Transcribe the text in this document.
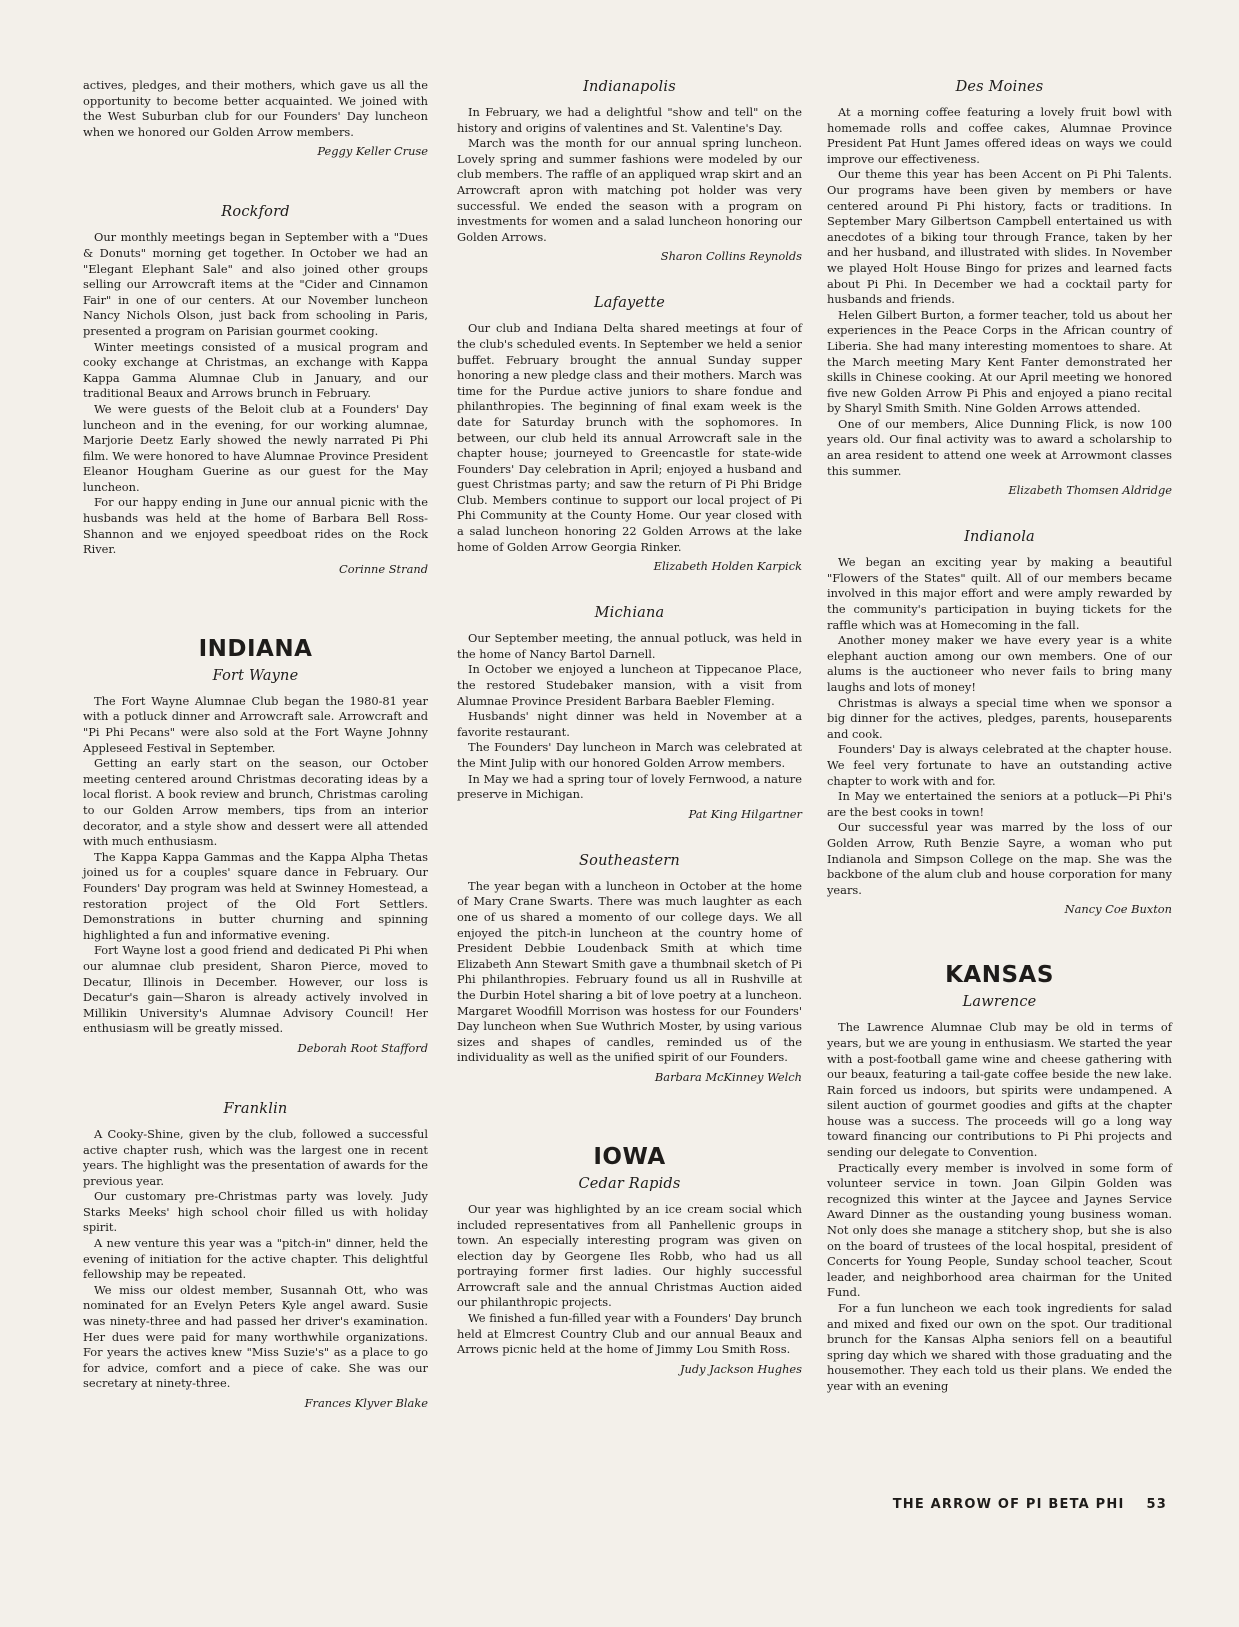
actives, pledges, and their mothers, which gave us all the opportunity to become better acquainted. We joined with the West Suburban club for our Founders' Day luncheon when we honored our Golden Arrow members.

Peggy Keller Cruse
Rockford

Our monthly meetings began in September with a "Dues & Donuts" morning get together. In October we had an "Elegant Elephant Sale" and also joined other groups selling our Arrowcraft items at the "Cider and Cinnamon Fair" in one of our centers. At our November luncheon Nancy Nichols Olson, just back from schooling in Paris, presented a program on Parisian gourmet cooking.

Winter meetings consisted of a musical program and cooky exchange at Christmas, an exchange with Kappa Kappa Gamma Alumnae Club in January, and our traditional Beaux and Arrows brunch in February.

We were guests of the Beloit club at a Founders' Day luncheon and in the evening, for our working alumnae, Marjorie Deetz Early showed the newly narrated Pi Phi film. We were honored to have Alumnae Province President Eleanor Hougham Guerine as our guest for the May luncheon.

For our happy ending in June our annual picnic with the husbands was held at the home of Barbara Bell Ross-Shannon and we enjoyed speedboat rides on the Rock River.

Corinne Strand
INDIANA
Fort Wayne

The Fort Wayne Alumnae Club began the 1980-81 year with a potluck dinner and Arrowcraft sale. Arrowcraft and "Pi Phi Pecans" were also sold at the Fort Wayne Johnny Appleseed Festival in September.

Getting an early start on the season, our October meeting centered around Christmas decorating ideas by a local florist. A book review and brunch, Christmas caroling to our Golden Arrow members, tips from an interior decorator, and a style show and dessert were all attended with much enthusiasm.

The Kappa Kappa Gammas and the Kappa Alpha Thetas joined us for a couples' square dance in February. Our Founders' Day program was held at Swinney Homestead, a restoration project of the Old Fort Settlers. Demonstrations in butter churning and spinning highlighted a fun and informative evening.

Fort Wayne lost a good friend and dedicated Pi Phi when our alumnae club president, Sharon Pierce, moved to Decatur, Illinois in December. However, our loss is Decatur's gain—Sharon is already actively involved in Millikin University's Alumnae Advisory Council! Her enthusiasm will be greatly missed.

Deborah Root Stafford
Franklin

A Cooky-Shine, given by the club, followed a successful active chapter rush, which was the largest one in recent years. The highlight was the presentation of awards for the previous year.

Our customary pre-Christmas party was lovely. Judy Starks Meeks' high school choir filled us with holiday spirit.

A new venture this year was a "pitch-in" dinner, held the evening of initiation for the active chapter. This delightful fellowship may be repeated.

We miss our oldest member, Susannah Ott, who was nominated for an Evelyn Peters Kyle angel award. Susie was ninety-three and had passed her driver's examination. Her dues were paid for many worthwhile organizations. For years the actives knew "Miss Suzie's" as a place to go for advice, comfort and a piece of cake. She was our secretary at ninety-three.

Frances Klyver Blake
Indianapolis

In February, we had a delightful "show and tell" on the history and origins of valentines and St. Valentine's Day.

March was the month for our annual spring luncheon. Lovely spring and summer fashions were modeled by our club members. The raffle of an appliqued wrap skirt and an Arrowcraft apron with matching pot holder was very successful. We ended the season with a program on investments for women and a salad luncheon honoring our Golden Arrows.

Sharon Collins Reynolds
Lafayette

Our club and Indiana Delta shared meetings at four of the club's scheduled events. In September we held a senior buffet. February brought the annual Sunday supper honoring a new pledge class and their mothers. March was time for the Purdue active juniors to share fondue and philanthropies. The beginning of final exam week is the date for Saturday brunch with the sophomores. In between, our club held its annual Arrowcraft sale in the chapter house; journeyed to Greencastle for state-wide Founders' Day celebration in April; enjoyed a husband and guest Christmas party; and saw the return of Pi Phi Bridge Club. Members continue to support our local project of Pi Phi Community at the County Home. Our year closed with a salad luncheon honoring 22 Golden Arrows at the lake home of Golden Arrow Georgia Rinker.

Elizabeth Holden Karpick
Michiana

Our September meeting, the annual potluck, was held in the home of Nancy Bartol Darnell.

In October we enjoyed a luncheon at Tippecanoe Place, the restored Studebaker mansion, with a visit from Alumnae Province President Barbara Baebler Fleming.

Husbands' night dinner was held in November at a favorite restaurant.

The Founders' Day luncheon in March was celebrated at the Mint Julip with our honored Golden Arrow members.

In May we had a spring tour of lovely Fernwood, a nature preserve in Michigan.

Pat King Hilgartner
Southeastern

The year began with a luncheon in October at the home of Mary Crane Swarts. There was much laughter as each one of us shared a momento of our college days. We all enjoyed the pitch-in luncheon at the country home of President Debbie Loudenback Smith at which time Elizabeth Ann Stewart Smith gave a thumbnail sketch of Pi Phi philanthropies. February found us all in Rushville at the Durbin Hotel sharing a bit of love poetry at a luncheon. Margaret Woodfill Morrison was hostess for our Founders' Day luncheon when Sue Wuthrich Moster, by using various sizes and shapes of candles, reminded us of the individuality as well as the unified spirit of our Founders.

Barbara McKinney Welch
IOWA
Cedar Rapids

Our year was highlighted by an ice cream social which included representatives from all Panhellenic groups in town. An especially interesting program was given on election day by Georgene Iles Robb, who had us all portraying former first ladies. Our highly successful Arrowcraft sale and the annual Christmas Auction aided our philanthropic projects.

We finished a fun-filled year with a Founders' Day brunch held at Elmcrest Country Club and our annual Beaux and Arrows picnic held at the home of Jimmy Lou Smith Ross.

Judy Jackson Hughes
Des Moines

At a morning coffee featuring a lovely fruit bowl with homemade rolls and coffee cakes, Alumnae Province President Pat Hunt James offered ideas on ways we could improve our effectiveness.

Our theme this year has been Accent on Pi Phi Talents. Our programs have been given by members or have centered around Pi Phi history, facts or traditions. In September Mary Gilbertson Campbell entertained us with anecdotes of a biking tour through France, taken by her and her husband, and illustrated with slides. In November we played Holt House Bingo for prizes and learned facts about Pi Phi. In December we had a cocktail party for husbands and friends.

Helen Gilbert Burton, a former teacher, told us about her experiences in the Peace Corps in the African country of Liberia. She had many interesting momentoes to share. At the March meeting Mary Kent Fanter demonstrated her skills in Chinese cooking. At our April meeting we honored five new Golden Arrow Pi Phis and enjoyed a piano recital by Sharyl Smith Smith. Nine Golden Arrows attended.

One of our members, Alice Dunning Flick, is now 100 years old. Our final activity was to award a scholarship to an area resident to attend one week at Arrowmont classes this summer.

Elizabeth Thomsen Aldridge
Indianola

We began an exciting year by making a beautiful "Flowers of the States" quilt. All of our members became involved in this major effort and were amply rewarded by the community's participation in buying tickets for the raffle which was at Homecoming in the fall.

Another money maker we have every year is a white elephant auction among our own members. One of our alums is the auctioneer who never fails to bring many laughs and lots of money!

Christmas is always a special time when we sponsor a big dinner for the actives, pledges, parents, houseparents and cook.

Founders' Day is always celebrated at the chapter house. We feel very fortunate to have an outstanding active chapter to work with and for.

In May we entertained the seniors at a potluck—Pi Phi's are the best cooks in town!

Our successful year was marred by the loss of our Golden Arrow, Ruth Benzie Sayre, a woman who put Indianola and Simpson College on the map. She was the backbone of the alum club and house corporation for many years.

Nancy Coe Buxton
KANSAS
Lawrence

The Lawrence Alumnae Club may be old in terms of years, but we are young in enthusiasm. We started the year with a post-football game wine and cheese gathering with our beaux, featuring a tail-gate coffee beside the new lake. Rain forced us indoors, but spirits were undampened. A silent auction of gourmet goodies and gifts at the chapter house was a success. The proceeds will go a long way toward financing our contributions to Pi Phi projects and sending our delegate to Convention.

Practically every member is involved in some form of volunteer service in town. Joan Gilpin Golden was recognized this winter at the Jaycee and Jaynes Service Award Dinner as the oustanding young business woman. Not only does she manage a stitchery shop, but she is also on the board of trustees of the local hospital, president of Concerts for Young People, Sunday school teacher, Scout leader, and neighborhood area chairman for the United Fund.

For a fun luncheon we each took ingredients for salad and mixed and fixed our own on the spot. Our traditional brunch for the Kansas Alpha seniors fell on a beautiful spring day which we shared with those graduating and the housemother. They each told us their plans. We ended the year with an evening

THE ARROW OF PI BETA PHI 53
